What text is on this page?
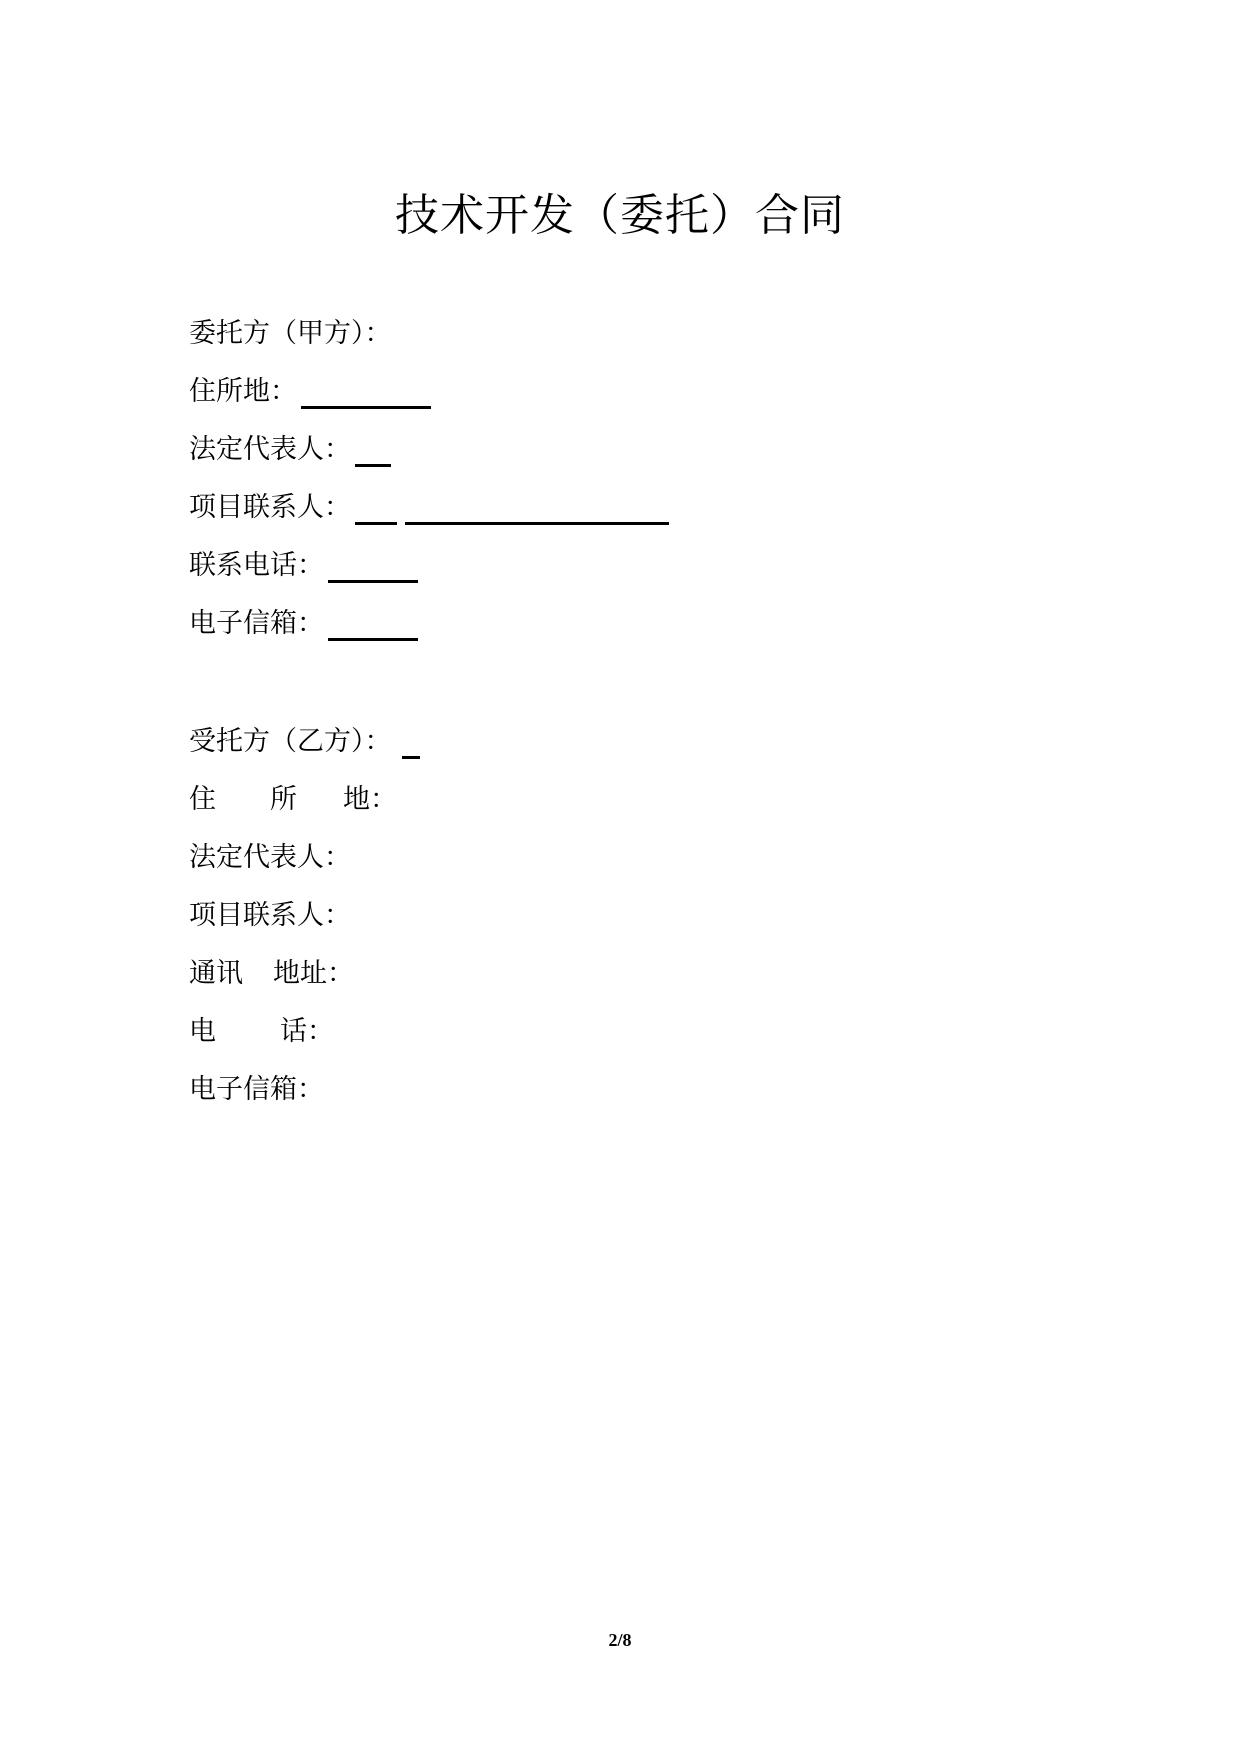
技术开发（委托）合同
委托方（甲方）：
住所地：
法定代表人：
项目联系人：
联系电话：
电子信箱：
受托方（乙方）：
住 所 地：
法定代表人：
项目联系人：
通讯 地址：
电 话：
电子信箱：
2/8
